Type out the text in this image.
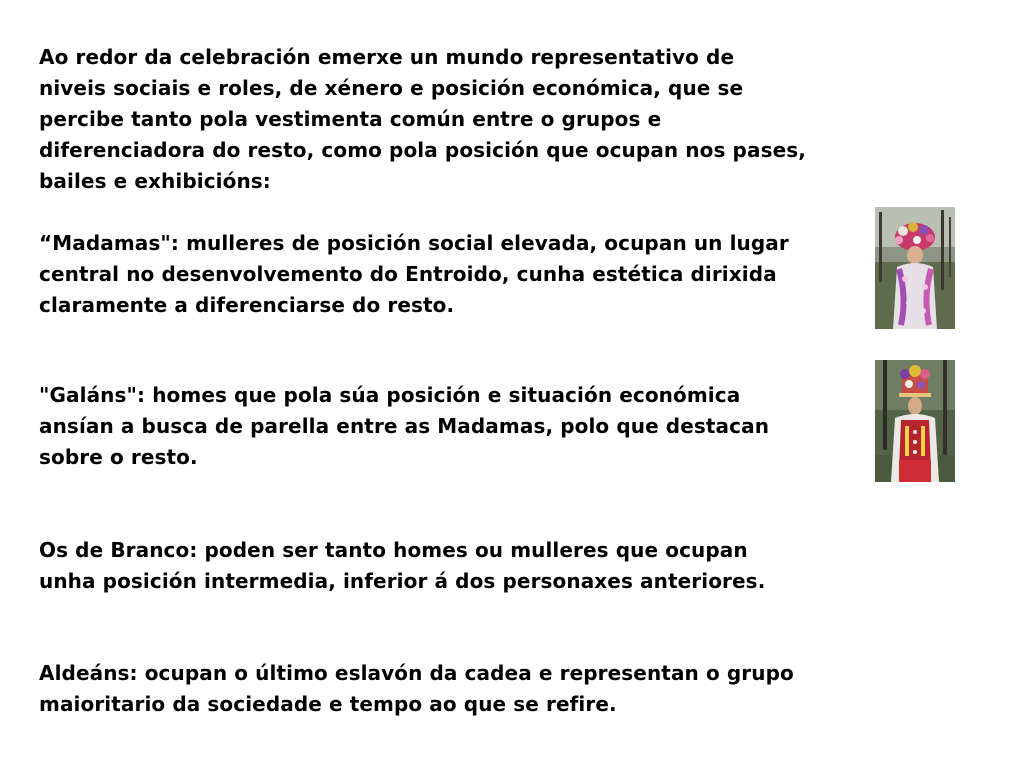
Ao redor da celebración emerxe un mundo representativo de
niveis sociais e roles, de xénero e posición económica, que se
percibe tanto pola vestimenta común entre o grupos e
diferenciadora do resto, como pola posición que ocupan nos pases,
bailes e exhibicións:

“Madamas": mulleres de posición social elevada, ocupan un lugar
central no desenvolvemento do Entroido, cunha estética dirixida
claramente a diferenciarse do resto.

"Galáns": homes que pola súa posición e situación económica
ansían a busca de parella entre as Madamas, polo que destacan
sobre o resto.

Os de Branco: poden ser tanto homes ou mulleres que ocupan
unha posición intermedia, inferior á dos personaxes anteriores.

Aldeáns: ocupan o último eslavón da cadea e representan o grupo
maioritario da sociedade e tempo ao que se refire.
